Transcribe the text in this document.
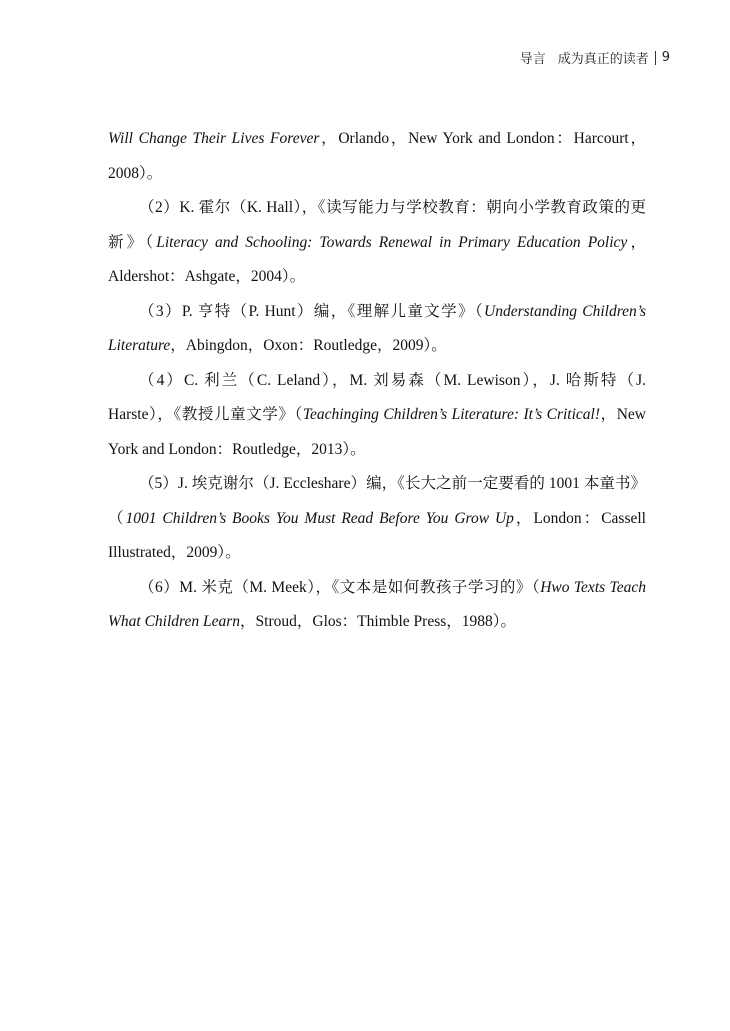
导言 成为真正的读者 9

Will Change Their Lives Forever，Orlando，New York and London：Harcourt，2008）。

（2）K. 霍尔（K. Hall），《读写能力与学校教育：朝向小学教育政策的更新》（Literacy and Schooling: Towards Renewal in Primary Education Policy，Aldershot：Ashgate，2004）。

（3）P. 亨特（P. Hunt）编，《理解儿童文学》（Understanding Children’s Literature，Abingdon，Oxon：Routledge，2009）。

（4）C. 利兰（C. Leland），M. 刘易森（M. Lewison），J. 哈斯特（J. Harste），《教授儿童文学》（Teachinging Children’s Literature: It’s Critical!，New York and London：Routledge，2013）。

（5）J. 埃克谢尔（J. Eccleshare）编，《长大之前一定要看的 1001 本童书》（1001 Children’s Books You Must Read Before You Grow Up，London：Cassell Illustrated，2009）。

（6）M. 米克（M. Meek），《文本是如何教孩子学习的》（Hwo Texts Teach What Children Learn，Stroud，Glos：Thimble Press，1988）。
